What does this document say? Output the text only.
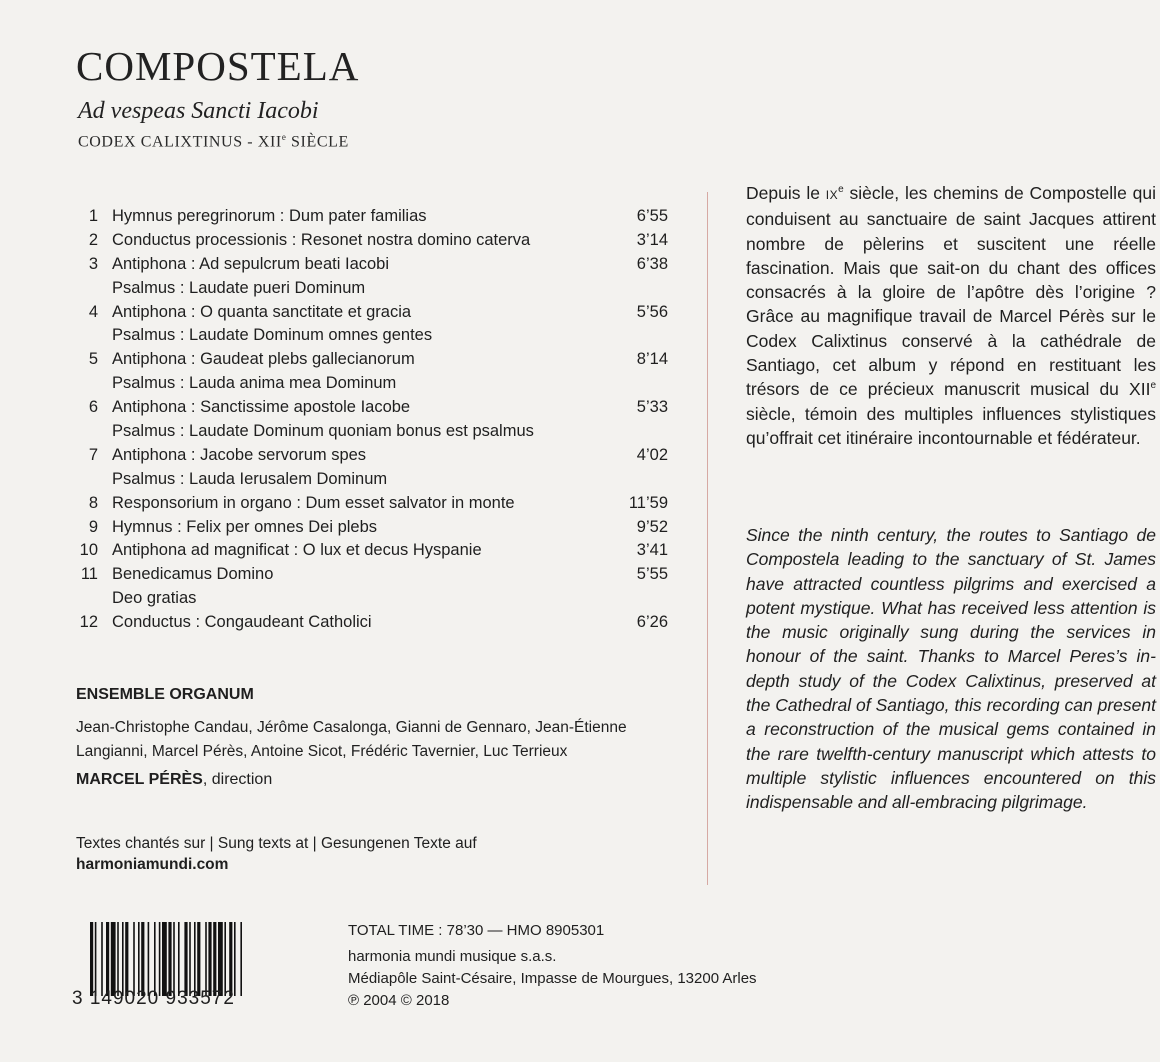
COMPOSTELA
Ad vespeas Sancti Iacobi
CODEX CALIXTINUS - XIIe SIÈCLE
1 Hymnus peregrinorum : Dum pater familias	6’55
2 Conductus processionis : Resonet nostra domino caterva	3’14
3 Antiphona : Ad sepulcrum beati Iacobi	6’38
Psalmus : Laudate pueri Dominum
4 Antiphona : O quanta sanctitate et gracia	5’56
Psalmus : Laudate Dominum omnes gentes
5 Antiphona : Gaudeat plebs gallecianorum	8’14
Psalmus : Lauda anima mea Dominum
6 Antiphona : Sanctissime apostole Iacobe	5’33
Psalmus : Laudate Dominum quoniam bonus est psalmus
7 Antiphona : Jacobe servorum spes	4’02
Psalmus : Lauda Ierusalem Dominum
8 Responsorium in organo : Dum esset salvator in monte	11’59
9 Hymnus : Felix per omnes Dei plebs	9’52
10 Antiphona ad magnificat : O lux et decus Hyspanie	3’41
11 Benedicamus Domino	5’55
Deo gratias
12 Conductus : Congaudeant Catholici	6’26
ENSEMBLE ORGANUM
Jean-Christophe Candau, Jérôme Casalonga, Gianni de Gennaro, Jean-Étienne Langianni, Marcel Pérès, Antoine Sicot, Frédéric Tavernier, Luc Terrieux
MARCEL PÉRÈS, direction
Textes chantés sur | Sung texts at | Gesungenen Texte auf
harmoniamundi.com
Depuis le IXe siècle, les chemins de Compostelle qui conduisent au sanctuaire de saint Jacques attirent nombre de pèlerins et suscitent une réelle fascination. Mais que sait-on du chant des offices consacrés à la gloire de l’apôtre dès l’origine ? Grâce au magnifique travail de Marcel Pérès sur le Codex Calixtinus conservé à la cathédrale de Santiago, cet album y répond en restituant les trésors de ce précieux manuscrit musical du XIIe siècle, témoin des multiples influences stylistiques qu’offrait cet itinéraire incontournable et fédérateur.
Since the ninth century, the routes to Santiago de Compostela leading to the sanctuary of St. James have attracted countless pilgrims and exercised a potent mystique. What has received less attention is the music originally sung during the services in honour of the saint. Thanks to Marcel Peres’s in-depth study of the Codex Calixtinus, preserved at the Cathedral of Santiago, this recording can present a reconstruction of the musical gems contained in the rare twelfth-century manuscript which attests to multiple stylistic influences encountered on this indispensable and all-embracing pilgrimage.
3 149020 933572
TOTAL TIME : 78’30 — HMO 8905301
harmonia mundi musique s.a.s.
Médiapôle Saint-Césaire, Impasse de Mourgues, 13200 Arles
℗ 2004 © 2018
